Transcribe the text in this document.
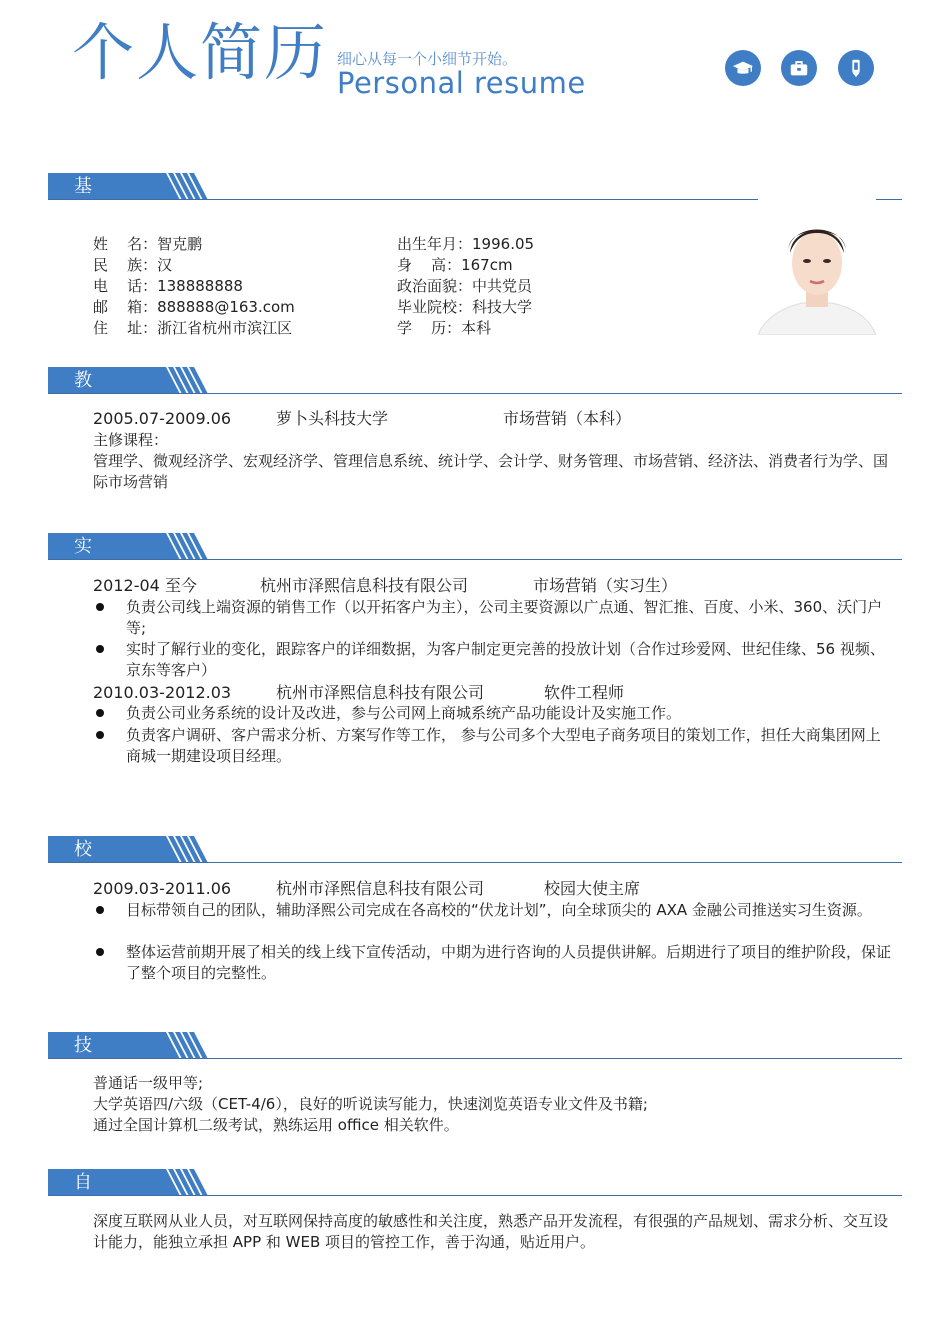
个人简历 细心从每一个小细节开始。
Personal resume
基本信息
姓    名：智克鹏
民    族：汉
电    话：138888888
邮    箱：888888@163.com
住    址：浙江省杭州市滨江区
出生年月：1996.05
身    高：167cm
政治面貌：中共党员
毕业院校：科技大学
学    历：本科
教育背景
2005.07-2009.06	萝卜头科技大学	市场营销（本科）
主修课程：
管理学、微观经济学、宏观经济学、管理信息系统、统计学、会计学、财务管理、市场营销、经济法、消费者行为学、国际市场营销
实习经历
2012-04 至今	杭州市泽熙信息科技有限公司	市场营销（实习生）
负责公司线上端资源的销售工作（以开拓客户为主），公司主要资源以广点通、智汇推、百度、小米、360、沃门户等;
实时了解行业的变化，跟踪客户的详细数据，为客户制定更完善的投放计划（合作过珍爱网、世纪佳缘、56 视频、京东等客户）
2010.03-2012.03	杭州市泽熙信息科技有限公司	软件工程师
负责公司业务系统的设计及改进，参与公司网上商城系统产品功能设计及实施工作。
负责客户调研、客户需求分析、方案写作等工作， 参与公司多个大型电子商务项目的策划工作，担任大商集团网上商城一期建设项目经理。
校园经历
2009.03-2011.06	杭州市泽熙信息科技有限公司	校园大使主席
目标带领自己的团队，辅助泽熙公司完成在各高校的“伏龙计划”，向全球顶尖的 AXA 金融公司推送实习生资源。
整体运营前期开展了相关的线上线下宣传活动，中期为进行咨询的人员提供讲解。后期进行了项目的维护阶段，保证了整个项目的完整性。
技能证书
普通话一级甲等;
大学英语四/六级（CET-4/6），良好的听说读写能力，快速浏览英语专业文件及书籍;
通过全国计算机二级考试，熟练运用 office 相关软件。
自我评价
深度互联网从业人员，对互联网保持高度的敏感性和关注度，熟悉产品开发流程，有很强的产品规划、需求分析、交互设计能力，能独立承担 APP 和 WEB 项目的管控工作，善于沟通，贴近用户。
